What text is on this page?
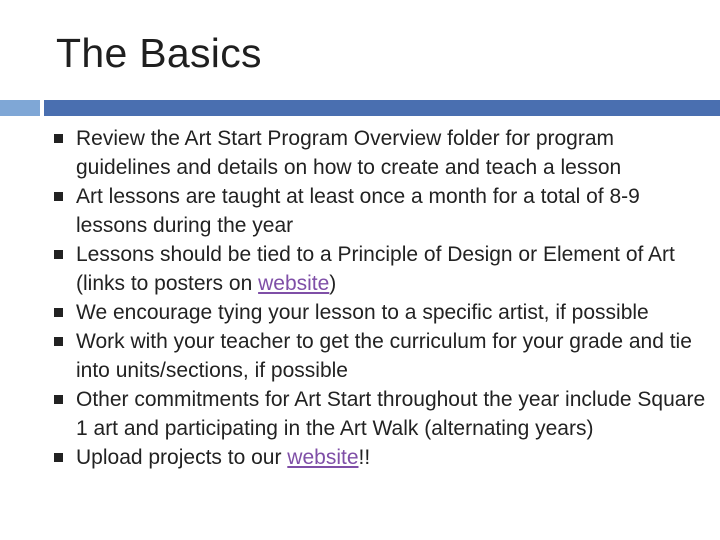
The Basics
Review the Art Start Program Overview folder for program guidelines and details on how to create and teach a lesson
Art lessons are taught at least once a month for a total of 8-9 lessons during the year
Lessons should be tied to a Principle of Design or Element of Art (links to posters on website)
We encourage tying your lesson to a specific artist, if possible
Work with your teacher to get the curriculum for your grade and tie into units/sections, if possible
Other commitments for Art Start throughout the year include Square 1 art and participating in the Art Walk (alternating years)
Upload projects to our website!!
